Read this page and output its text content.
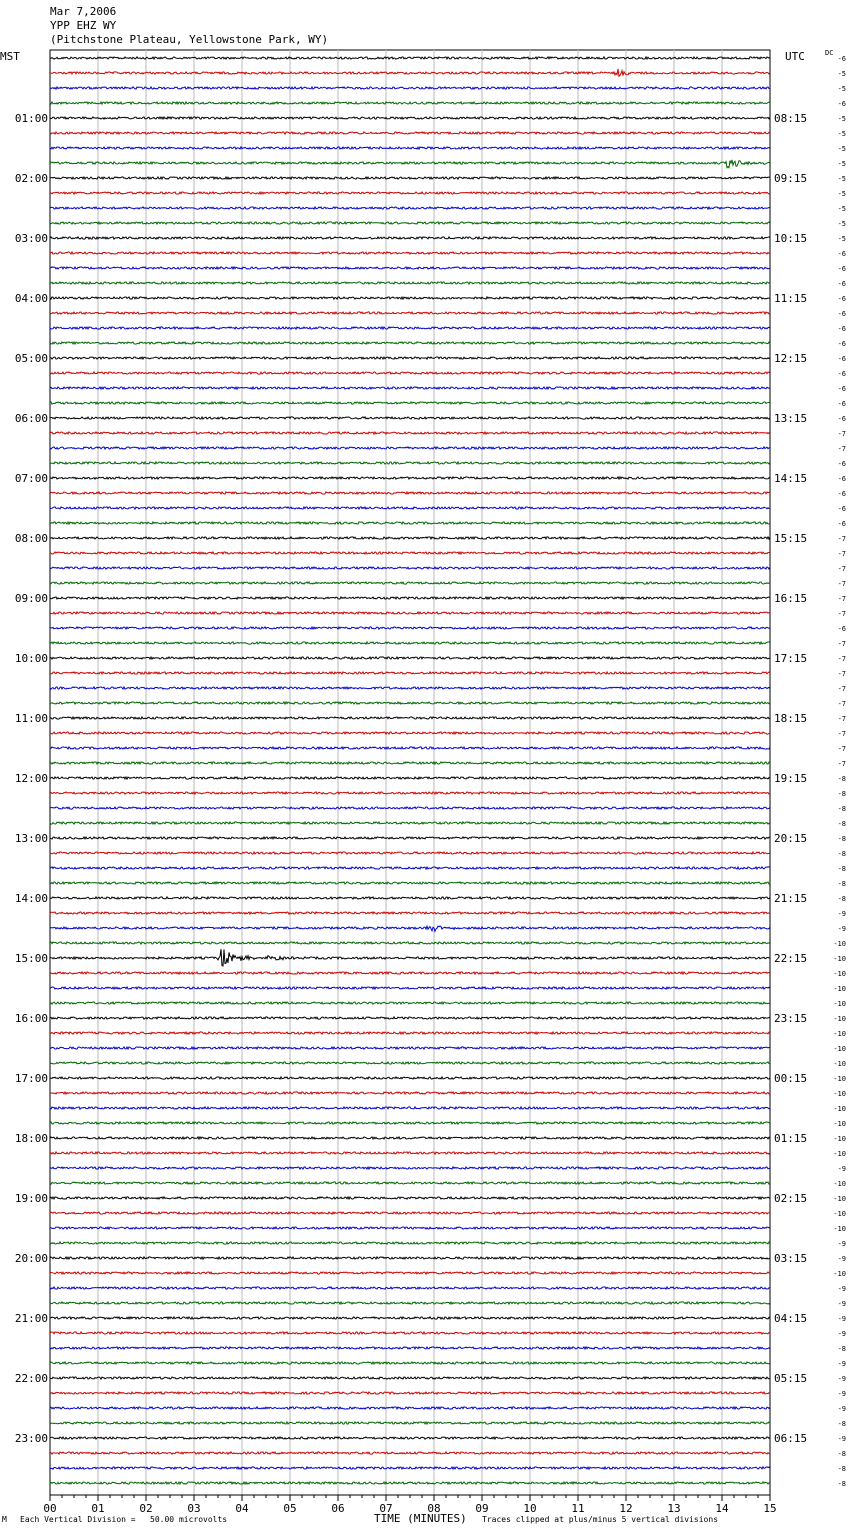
Mar 7,2006
YPP EHZ WY
(Pitchstone Plateau, Yellowstone Park, WY)
MST	UTC
00	01	02	03	04	05	06	07	08	09	10	11	12	13	14	15
-6
-5
-5
-6
-5
-5
-5
-5
-5
-5
-5
-5
-5
-6
-6
-6
-6
-6
-6
-6
-6
-6
-6
-6
-6
-7
-7
-6
-6
-6
-6
-6
-7
-7
-7
-7
-7
-7
-6
-7
-7
-7
-7
-7
-7
-7
-7
-7
-8
-8
-8
-8
-8
-8
-8
-8
-8
-9
-9
-10
-10
-10
-10
-10
-10
-10
-10
-10
-10
-10
-10
-10
-10
-10
-9
-10
-10
-10
-10
-9
-9
-10
-9
-9
-9
-9
-8
-9
-9
-9
-9
-8
-9
-8
-8
-8
DC
01:00	08:15
02:00	09:15
03:00	10:15
04:00	11:15
05:00	12:15
06:00	13:15
07:00	14:15
08:00	15:15
09:00	16:15
10:00	17:15
11:00	18:15
12:00	19:15
13:00	20:15
14:00	21:15
15:00	22:15
16:00	23:15
17:00	00:15
18:00	01:15
19:00	02:15
20:00	03:15
21:00	04:15
22:00	05:15
23:00	06:15
TIME (MINUTES)
M Each Vertical Division =   50.00 microvolts	Traces clipped at plus/minus 5 vertical divisions
